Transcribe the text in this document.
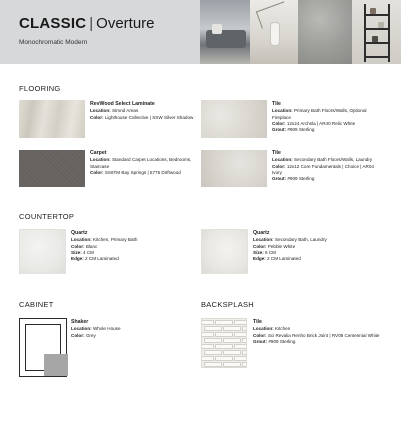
CLASSIC | Overture
Monochromatic Modern
FLOORING
RevWood Select Laminate
Location: Stmnd Areas
Color: Lighthouse Collective | SSW Silver Shadow
Tile
Location: Primary Bath Floors/Walls, Optional Fireplace
Color: 12x24 Archsla | AR40 Relic White
Grout: #909 Sterling
Carpet
Location: Standard Carpet Locations, Bedrooms, Staircase
Color: SS6TM Bay Springs | 5775 Driftwood
Tile
Location: Secondary Bath Floors/Walls, Laundry
Color: 12x12 Core Fundamentals | Choice | AR04 Ivory
Grout: #909 Sterling
COUNTERTOP
Quartz
Location: Kitchen, Primary Bath
Color: Blanc
Size: 4 CM
Edge: 2 CM Laminated
Quartz
Location: Secondary Bath, Laundry
Color: Pebble White
Size: 6 CM
Edge: 2 CM Laminated
CABINET
Shaker
Location: Whole House
Color: Grey
BACKSPLASH
Tile
Location: Kitchen
Color: Sci Revalia Renho Brick Joint | RV08 Centennial White
Grout: #909 Sterling
